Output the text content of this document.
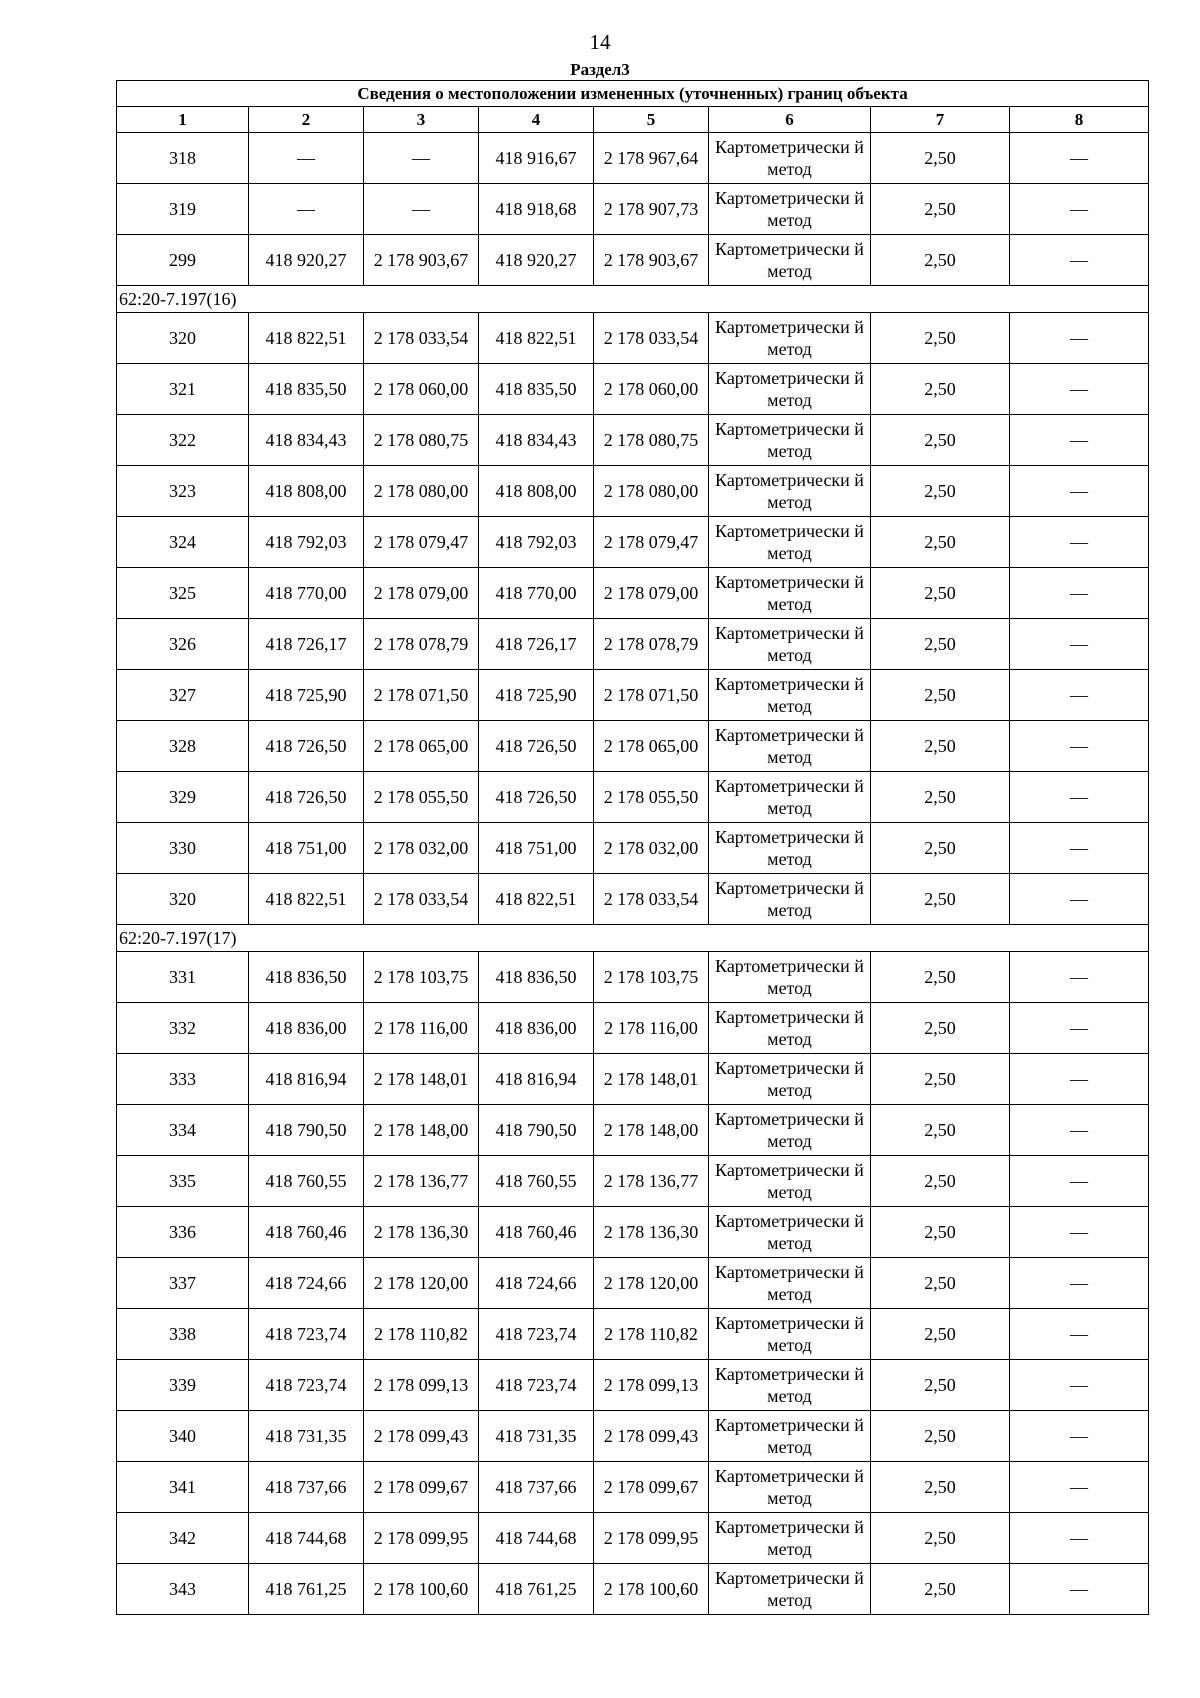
14
Раздел3
Сведения о местоположении измененных (уточненных) границ объекта							
1	2	3	4	5	6	7	8
318	—	—	418 916,67	2 178 967,64	Картометрически й метод	2,50	—
319	—	—	418 918,68	2 178 907,73	Картометрически й метод	2,50	—
299	418 920,27	2 178 903,67	418 920,27	2 178 903,67	Картометрически й метод	2,50	—
62:20-7.197(16)							
320	418 822,51	2 178 033,54	418 822,51	2 178 033,54	Картометрически й метод	2,50	—
321	418 835,50	2 178 060,00	418 835,50	2 178 060,00	Картометрически й метод	2,50	—
322	418 834,43	2 178 080,75	418 834,43	2 178 080,75	Картометрически й метод	2,50	—
323	418 808,00	2 178 080,00	418 808,00	2 178 080,00	Картометрически й метод	2,50	—
324	418 792,03	2 178 079,47	418 792,03	2 178 079,47	Картометрически й метод	2,50	—
325	418 770,00	2 178 079,00	418 770,00	2 178 079,00	Картометрически й метод	2,50	—
326	418 726,17	2 178 078,79	418 726,17	2 178 078,79	Картометрически й метод	2,50	—
327	418 725,90	2 178 071,50	418 725,90	2 178 071,50	Картометрически й метод	2,50	—
328	418 726,50	2 178 065,00	418 726,50	2 178 065,00	Картометрически й метод	2,50	—
329	418 726,50	2 178 055,50	418 726,50	2 178 055,50	Картометрически й метод	2,50	—
330	418 751,00	2 178 032,00	418 751,00	2 178 032,00	Картометрически й метод	2,50	—
320	418 822,51	2 178 033,54	418 822,51	2 178 033,54	Картометрически й метод	2,50	—
62:20-7.197(17)							
331	418 836,50	2 178 103,75	418 836,50	2 178 103,75	Картометрически й метод	2,50	—
332	418 836,00	2 178 116,00	418 836,00	2 178 116,00	Картометрически й метод	2,50	—
333	418 816,94	2 178 148,01	418 816,94	2 178 148,01	Картометрически й метод	2,50	—
334	418 790,50	2 178 148,00	418 790,50	2 178 148,00	Картометрически й метод	2,50	—
335	418 760,55	2 178 136,77	418 760,55	2 178 136,77	Картометрически й метод	2,50	—
336	418 760,46	2 178 136,30	418 760,46	2 178 136,30	Картометрически й метод	2,50	—
337	418 724,66	2 178 120,00	418 724,66	2 178 120,00	Картометрически й метод	2,50	—
338	418 723,74	2 178 110,82	418 723,74	2 178 110,82	Картометрически й метод	2,50	—
339	418 723,74	2 178 099,13	418 723,74	2 178 099,13	Картометрически й метод	2,50	—
340	418 731,35	2 178 099,43	418 731,35	2 178 099,43	Картометрически й метод	2,50	—
341	418 737,66	2 178 099,67	418 737,66	2 178 099,67	Картометрически й метод	2,50	—
342	418 744,68	2 178 099,95	418 744,68	2 178 099,95	Картометрически й метод	2,50	—
343	418 761,25	2 178 100,60	418 761,25	2 178 100,60	Картометрически й метод	2,50	—
